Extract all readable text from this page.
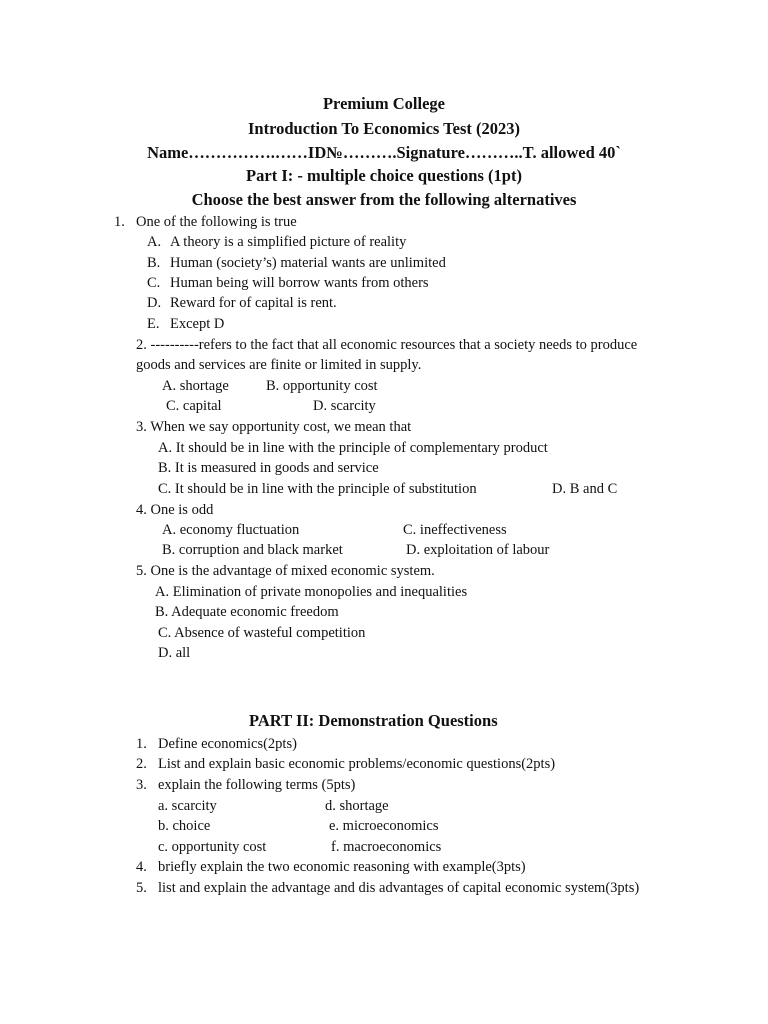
Premium College
Introduction To Economics Test (2023)
Name…………….……ID№……….Signature………..T. allowed 40`
Part I: - multiple choice questions (1pt)
Choose the best answer from the following alternatives
1. One of the following is true
A. A theory is a simplified picture of reality
B. Human (society’s) material wants are unlimited
C. Human being will borrow wants from others
D. Reward for of capital is rent.
E. Except D
2. ----------refers to the fact that all economic resources that a society needs to produce
goods and services are finite or limited in supply.
A. shortage	B. opportunity cost
C. capital	D. scarcity
3. When we say opportunity cost, we mean that
A. It should be in line with the principle of complementary product
B. It is measured in goods and service
C. It should be in line with the principle of substitution	D. B and C
4. One is odd
A. economy fluctuation	C. ineffectiveness
B. corruption and black market	D. exploitation of labour
5. One is the advantage of mixed economic system.
A. Elimination of private monopolies and inequalities
B. Adequate economic freedom
C. Absence of wasteful competition
D. all
PART II: Demonstration Questions
1. Define economics(2pts)
2. List and explain basic economic problems/economic questions(2pts)
3. explain the following terms (5pts)
a. scarcity	d. shortage
b. choice	e. microeconomics
c. opportunity cost	f. macroeconomics
4. briefly explain the two economic reasoning with example(3pts)
5. list and explain the advantage and dis advantages of capital economic system(3pts)
